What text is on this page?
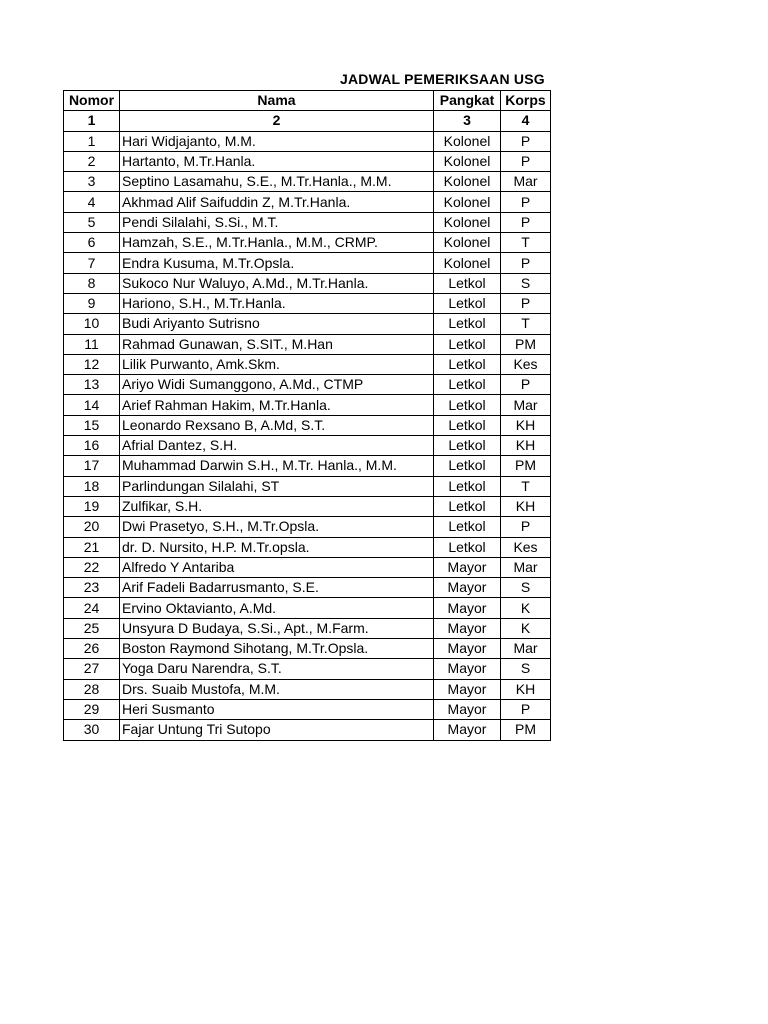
JADWAL PEMERIKSAAN USG
Nomor	Nama	Pangkat	Korps
1	2	3	4
1	Hari Widjajanto, M.M.	Kolonel	P
2	Hartanto, M.Tr.Hanla.	Kolonel	P
3	Septino Lasamahu, S.E., M.Tr.Hanla., M.M.	Kolonel	Mar
4	Akhmad Alif Saifuddin Z, M.Tr.Hanla.	Kolonel	P
5	Pendi Silalahi, S.Si., M.T.	Kolonel	P
6	Hamzah, S.E., M.Tr.Hanla., M.M., CRMP.	Kolonel	T
7	Endra Kusuma, M.Tr.Opsla.	Kolonel	P
8	Sukoco Nur Waluyo, A.Md., M.Tr.Hanla.	Letkol	S
9	Hariono, S.H., M.Tr.Hanla.	Letkol	P
10	Budi Ariyanto Sutrisno	Letkol	T
11	Rahmad Gunawan, S.SIT., M.Han	Letkol	PM
12	Lilik Purwanto, Amk.Skm.	Letkol	Kes
13	Ariyo Widi Sumanggono, A.Md., CTMP	Letkol	P
14	Arief Rahman Hakim, M.Tr.Hanla.	Letkol	Mar
15	Leonardo Rexsano B, A.Md, S.T.	Letkol	KH
16	Afrial Dantez, S.H.	Letkol	KH
17	Muhammad Darwin S.H., M.Tr. Hanla., M.M.	Letkol	PM
18	Parlindungan Silalahi, ST	Letkol	T
19	Zulfikar, S.H.	Letkol	KH
20	Dwi Prasetyo, S.H., M.Tr.Opsla.	Letkol	P
21	dr. D. Nursito, H.P. M.Tr.opsla.	Letkol	Kes
22	Alfredo Y Antariba	Mayor	Mar
23	Arif Fadeli Badarrusmanto, S.E.	Mayor	S
24	Ervino Oktavianto, A.Md.	Mayor	K
25	Unsyura D Budaya, S.Si., Apt., M.Farm.	Mayor	K
26	Boston Raymond Sihotang, M.Tr.Opsla.	Mayor	Mar
27	Yoga Daru Narendra, S.T.	Mayor	S
28	Drs. Suaib Mustofa, M.M.	Mayor	KH
29	Heri Susmanto	Mayor	P
30	Fajar Untung Tri Sutopo	Mayor	PM
